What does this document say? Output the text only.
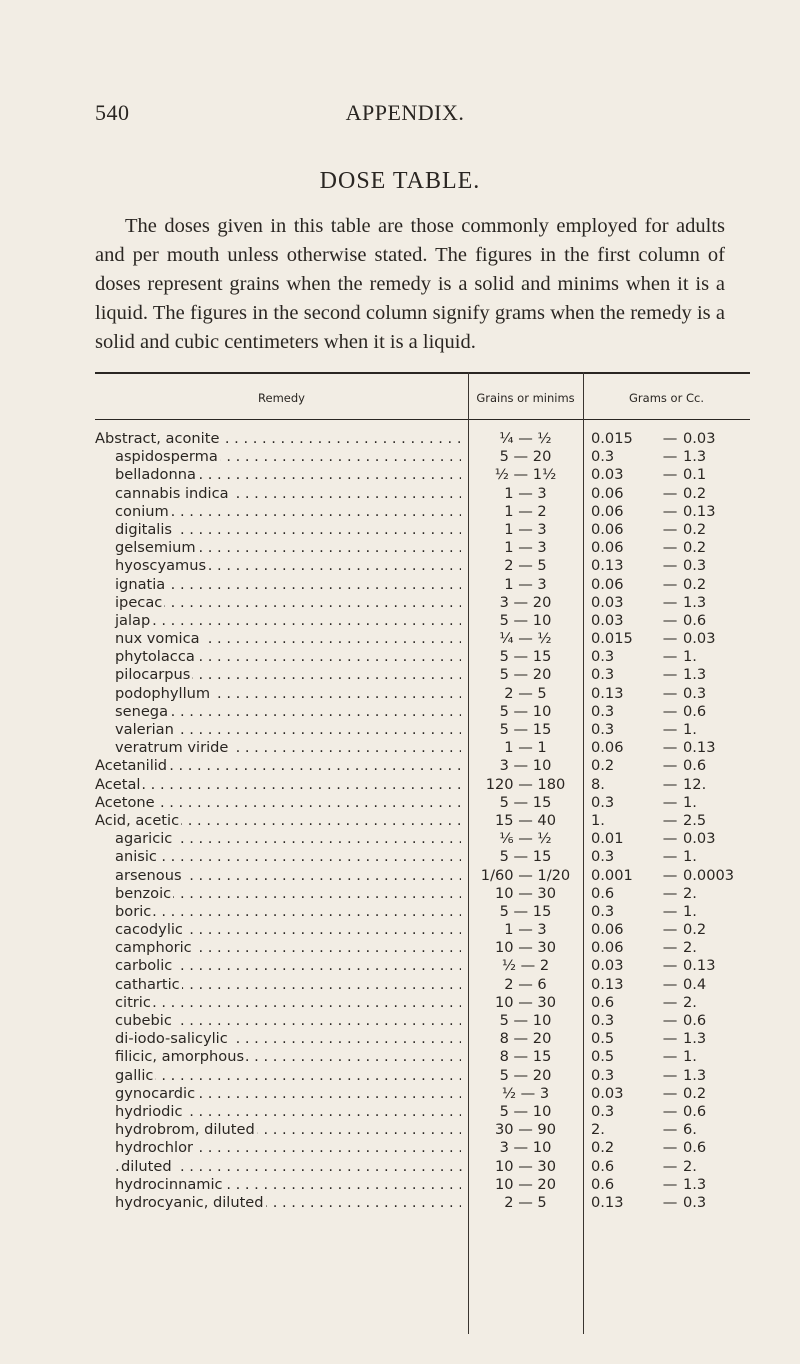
540	APPENDIX.
DOSE TABLE.

The doses given in this table are those commonly employed for adults and per mouth unless otherwise stated. The figures in the first column of doses represent grains when the remedy is a solid and minims when it is a liquid. The figures in the second column signify grams when the remedy is a solid and cubic centimeters when it is a liquid.

Remedy	Grains or minims	Grams or Cc.
Abstract, aconite . . .	¼ — ½	0.015	— 0.03
aspidosperma . . .	5 — 20	0.3	— 1.3
belladonna . . .	½ — 1½	0.03	— 0.1
cannabis indica . . .	1 — 3	0.06	— 0.2
conium . . .	1 — 2	0.06	— 0.13
digitalis . . .	1 — 3	0.06	— 0.2
gelsemium . . .	1 — 3	0.06	— 0.2
hyoscyamus . . .	2 — 5	0.13	— 0.3
ignatia . . .	1 — 3	0.06	— 0.2
ipecac . . .	3 — 20	0.03	— 1.3
jalap . . .	5 — 10	0.03	— 0.6
nux vomica . . .	¼ — ½	0.015	— 0.03
phytolacca . . .	5 — 15	0.3	— 1.
pilocarpus . . .	5 — 20	0.3	— 1.3
podophyllum . . .	2 — 5	0.13	— 0.3
senega . . .	5 — 10	0.3	— 0.6
valerian . . .	5 — 15	0.3	— 1.
veratrum viride . . .	1 — 1	0.06	— 0.13
Acetanilid . . .	3 — 10	0.2	— 0.6
Acetal . . .	120 — 180	8.	— 12.
Acetone . . .	5 — 15	0.3	— 1.
Acid, acetic . . .	15 — 40	1.	— 2.5
agaricic . . .	⅙ — ½	0.01	— 0.03
anisic . . .	5 — 15	0.3	— 1.
arsenous . . .	1/60 — 1/20	0.001	— 0.0003
benzoic . . .	10 — 30	0.6	— 2.
boric . . .	5 — 15	0.3	— 1.
cacodylic . . .	1 — 3	0.06	— 0.2
camphoric . . .	10 — 30	0.06	— 2.
carbolic . . .	½ — 2	0.03	— 0.13
cathartic . . .	2 — 6	0.13	— 0.4
citric . . .	10 — 30	0.6	— 2.
cubebic . . .	5 — 10	0.3	— 0.6
di-iodo-salicylic . . .	8 — 20	0.5	— 1.3
filicic, amorphous . . .	8 — 15	0.5	— 1.
gallic . . .	5 — 20	0.3	— 1.3
gynocardic . . .	½ — 3	0.03	— 0.2
hydriodic . . .	5 — 10	0.3	— 0.6
hydrobrom, diluted . . .	30 — 90	2.	— 6.
hydrochlor . . .	3 — 10	0.2	— 0.6
diluted . . .	10 — 30	0.6	— 2.
hydrocinnamic . . .	10 — 20	0.6	— 1.3
hydrocyanic, diluted . . .	2 — 5	0.13	— 0.3
